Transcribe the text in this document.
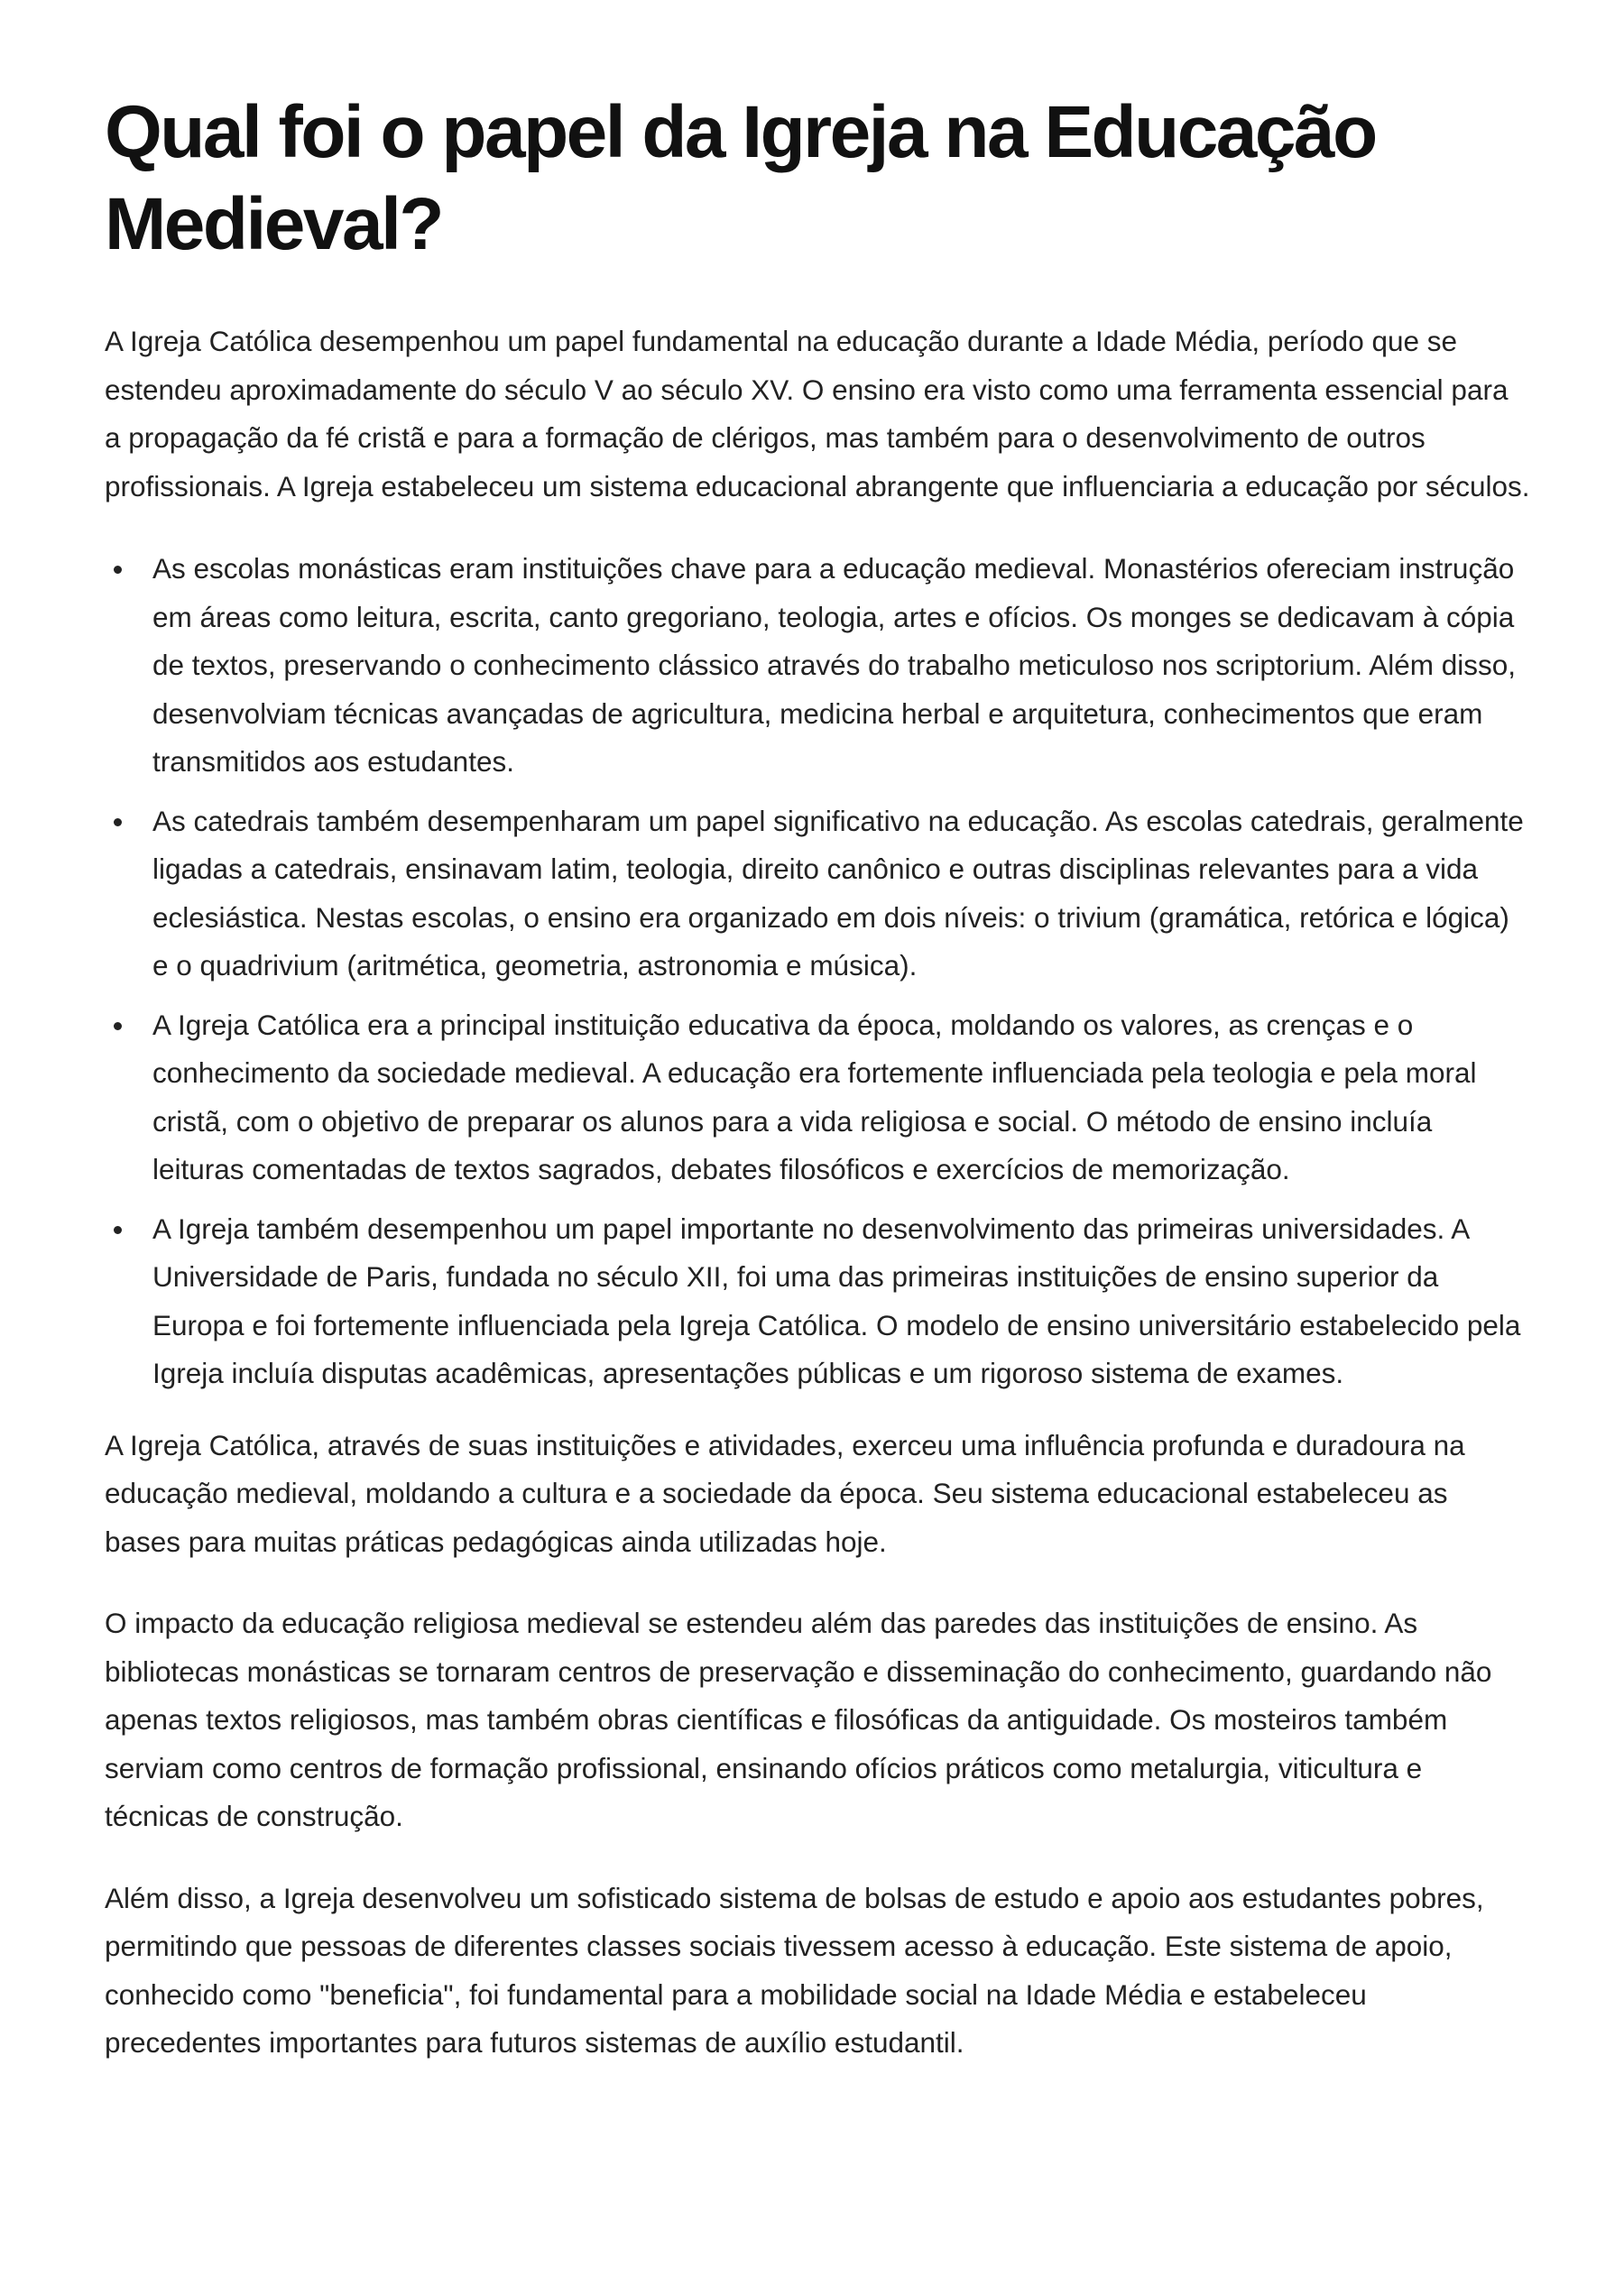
Qual foi o papel da Igreja na Educação Medieval?

A Igreja Católica desempenhou um papel fundamental na educação durante a Idade Média, período que se estendeu aproximadamente do século V ao século XV. O ensino era visto como uma ferramenta essencial para a propagação da fé cristã e para a formação de clérigos, mas também para o desenvolvimento de outros profissionais. A Igreja estabeleceu um sistema educacional abrangente que influenciaria a educação por séculos.

As escolas monásticas eram instituições chave para a educação medieval. Monastérios ofereciam instrução em áreas como leitura, escrita, canto gregoriano, teologia, artes e ofícios. Os monges se dedicavam à cópia de textos, preservando o conhecimento clássico através do trabalho meticuloso nos scriptorium. Além disso, desenvolviam técnicas avançadas de agricultura, medicina herbal e arquitetura, conhecimentos que eram transmitidos aos estudantes.
As catedrais também desempenharam um papel significativo na educação. As escolas catedrais, geralmente ligadas a catedrais, ensinavam latim, teologia, direito canônico e outras disciplinas relevantes para a vida eclesiástica. Nestas escolas, o ensino era organizado em dois níveis: o trivium (gramática, retórica e lógica) e o quadrivium (aritmética, geometria, astronomia e música).
A Igreja Católica era a principal instituição educativa da época, moldando os valores, as crenças e o conhecimento da sociedade medieval. A educação era fortemente influenciada pela teologia e pela moral cristã, com o objetivo de preparar os alunos para a vida religiosa e social. O método de ensino incluía leituras comentadas de textos sagrados, debates filosóficos e exercícios de memorização.
A Igreja também desempenhou um papel importante no desenvolvimento das primeiras universidades. A Universidade de Paris, fundada no século XII, foi uma das primeiras instituições de ensino superior da Europa e foi fortemente influenciada pela Igreja Católica. O modelo de ensino universitário estabelecido pela Igreja incluía disputas acadêmicas, apresentações públicas e um rigoroso sistema de exames.

A Igreja Católica, através de suas instituições e atividades, exerceu uma influência profunda e duradoura na educação medieval, moldando a cultura e a sociedade da época. Seu sistema educacional estabeleceu as bases para muitas práticas pedagógicas ainda utilizadas hoje.

O impacto da educação religiosa medieval se estendeu além das paredes das instituições de ensino. As bibliotecas monásticas se tornaram centros de preservação e disseminação do conhecimento, guardando não apenas textos religiosos, mas também obras científicas e filosóficas da antiguidade. Os mosteiros também serviam como centros de formação profissional, ensinando ofícios práticos como metalurgia, viticultura e técnicas de construção.

Além disso, a Igreja desenvolveu um sofisticado sistema de bolsas de estudo e apoio aos estudantes pobres, permitindo que pessoas de diferentes classes sociais tivessem acesso à educação. Este sistema de apoio, conhecido como "beneficia", foi fundamental para a mobilidade social na Idade Média e estabeleceu precedentes importantes para futuros sistemas de auxílio estudantil.
